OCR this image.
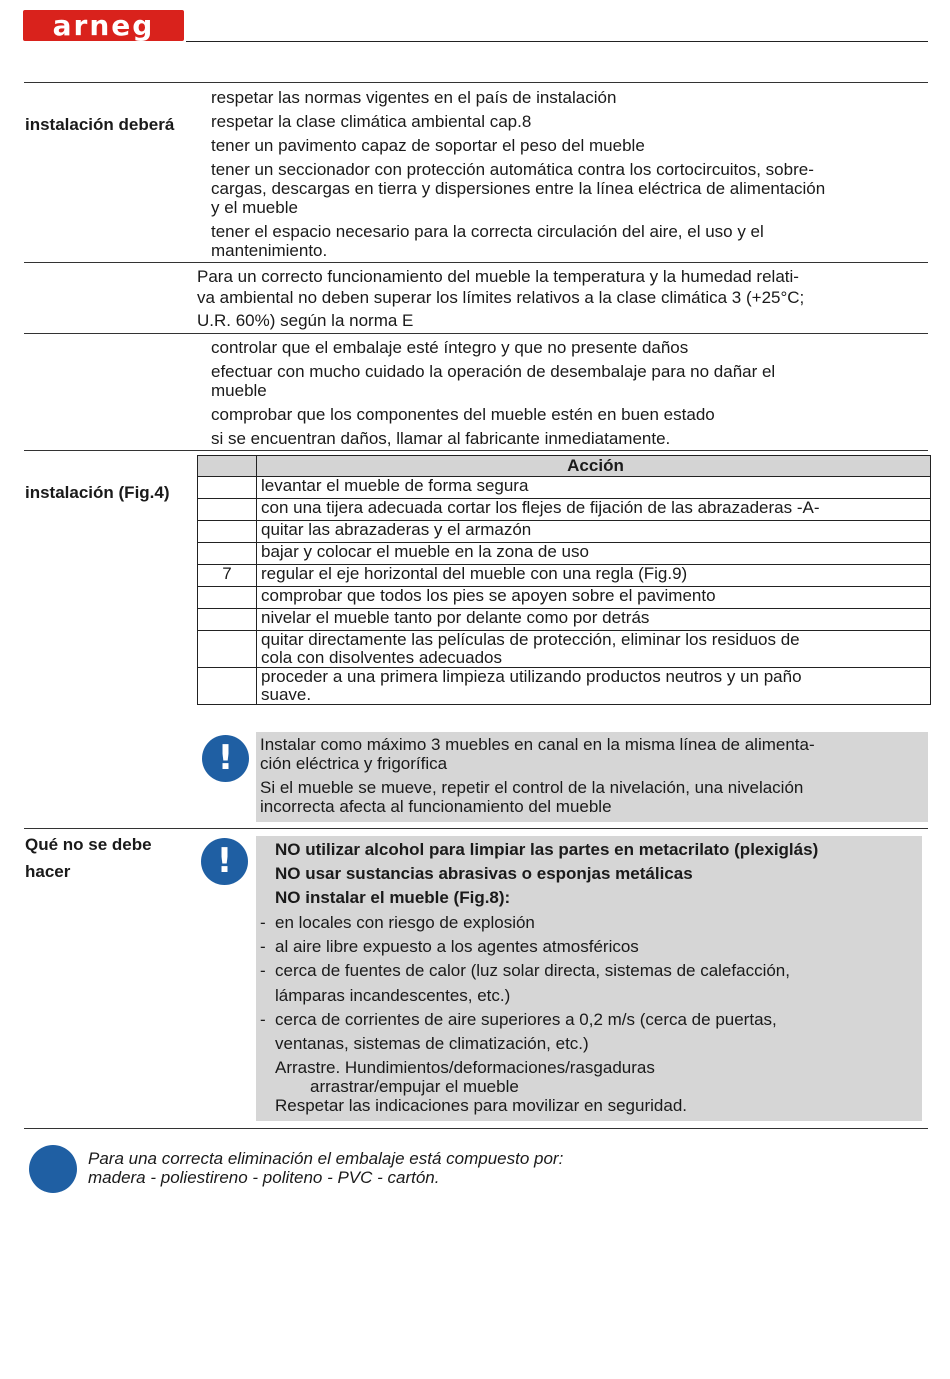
arneg
instalación deberá
respetar las normas vigentes en el país de instalación
respetar la clase climática ambiental cap.8
tener un pavimento capaz de soportar el peso del mueble
tener un seccionador con protección automática contra los cortocircuitos, sobre-
cargas, descargas en tierra y dispersiones entre la línea eléctrica de alimentación
y el mueble
tener el espacio necesario para la correcta circulación del aire, el uso y el
mantenimiento.
Para un correcto funcionamiento del mueble la temperatura y la humedad relati-
va ambiental no deben superar los límites relativos a la clase climática 3 (+25°C;
U.R. 60%) según la norma E
controlar que el embalaje esté íntegro y que no presente daños
efectuar con mucho cuidado la operación de desembalaje para no dañar el
mueble
comprobar que los componentes del mueble estén en buen estado
si se encuentran daños, llamar al fabricante inmediatamente.
instalación (Fig.4)
	Acción
	levantar el mueble de forma segura
	con una tijera adecuada cortar los flejes de fijación de las abrazaderas -A-
	quitar las abrazaderas y el armazón
	bajar y colocar el mueble en la zona de uso
7	regular el eje horizontal del mueble con una regla (Fig.9)
	comprobar que todos los pies se apoyen sobre el pavimento
	nivelar el mueble tanto por delante como por detrás

	quitar directamente las películas de protección, eliminar los residuos de
cola con disolventes adecuados

	proceder a una primera limpieza utilizando productos neutros y un paño
suave.
!	Instalar como máximo 3 muebles en canal en la misma línea de alimenta-
ción eléctrica y frigorífica
Si el mueble se mueve, repetir el control de la nivelación, una nivelación
incorrecta afecta al funcionamiento del mueble
Qué no se debe
hacer	!	NO utilizar alcohol para limpiar las partes en metacrilato (plexiglás)
NO usar sustancias abrasivas o esponjas metálicas
NO instalar el mueble (Fig.8):
- en locales con riesgo de explosión
- al aire libre expuesto a los agentes atmosféricos
- cerca de fuentes de calor (luz solar directa, sistemas de calefacción,
lámparas incandescentes, etc.)
- cerca de corrientes de aire superiores a 0,2 m/s (cerca de puertas,
ventanas, sistemas de climatización, etc.)
Arrastre. Hundimientos/deformaciones/rasgaduras
arrastrar/empujar el mueble
Respetar las indicaciones para movilizar en seguridad.
Para una correcta eliminación el embalaje está compuesto por:
madera - poliestireno - politeno - PVC - cartón.
